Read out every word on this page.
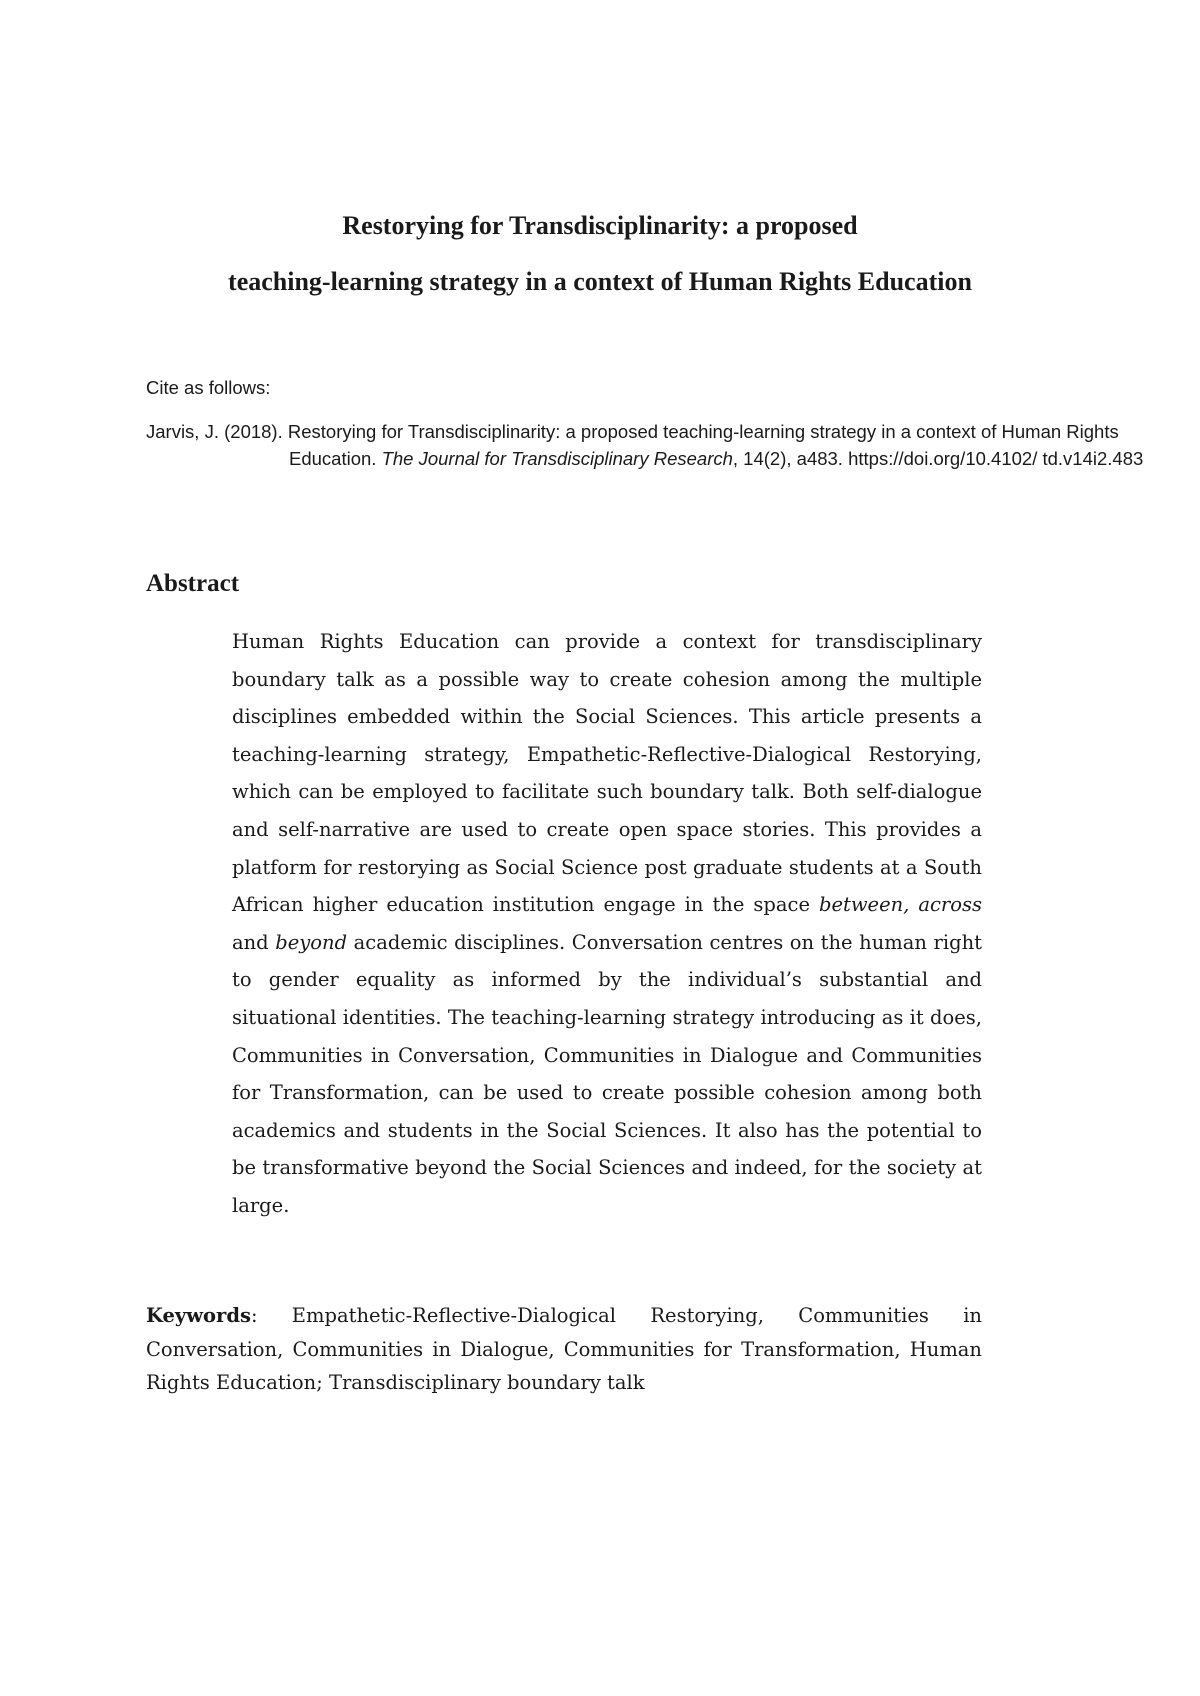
Restorying for Transdisciplinarity: a proposed
teaching-learning strategy in a context of Human Rights Education
Cite as follows:
Jarvis, J. (2018). Restorying for Transdisciplinarity: a proposed teaching-learning strategy in a context of Human Rights Education. The Journal for Transdisciplinary Research, 14(2), a483. https://doi.org/10.4102/ td.v14i2.483
Abstract
Human Rights Education can provide a context for transdisciplinary boundary talk as a possible way to create cohesion among the multiple disciplines embedded within the Social Sciences. This article presents a teaching-learning strategy, Empathetic-Reflective-Dialogical Restorying, which can be employed to facilitate such boundary talk. Both self-dialogue and self-narrative are used to create open space stories. This provides a platform for restorying as Social Science post graduate students at a South African higher education institution engage in the space between, across and beyond academic disciplines. Conversation centres on the human right to gender equality as informed by the individual’s substantial and situational identities. The teaching-learning strategy introducing as it does, Communities in Conversation, Communities in Dialogue and Communities for Transformation, can be used to create possible cohesion among both academics and students in the Social Sciences. It also has the potential to be transformative beyond the Social Sciences and indeed, for the society at large.
Keywords: Empathetic-Reflective-Dialogical Restorying, Communities in Conversation, Communities in Dialogue, Communities for Transformation, Human Rights Education; Transdisciplinary boundary talk
